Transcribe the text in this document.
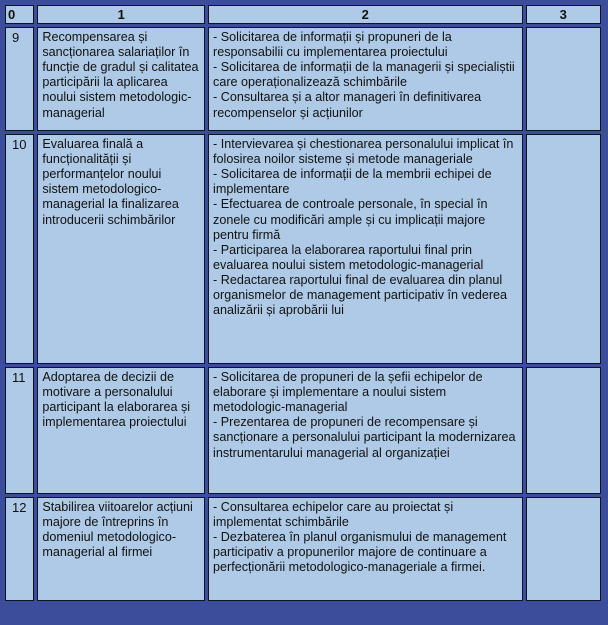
0	1	2	3
9	Recompensarea și sancționarea salariaților în funcție de gradul și calitatea participării la aplicarea noului sistem metodologic-managerial	- Solicitarea de informații și propuneri de la responsabilii cu implementarea proiectului
- Solicitarea de informații de la managerii și specialiștii care operaționalizează schimbările
- Consultarea și a altor manageri în definitivarea recompenselor și acțiunilor	

10	Evaluarea finală a funcționalității și performanțelor noului sistem metodologico-managerial la finalizarea introducerii schimbărilor	- Intervievarea și chestionarea personalului implicat în folosirea noilor sisteme și metode manageriale
- Solicitarea de informații de la membrii echipei de implementare
- Efectuarea de controale personale, în special în zonele cu modificări ample și cu implicații majore pentru firmă
- Participarea la elaborarea raportului final prin evaluarea noului sistem metodologic-managerial
- Redactarea raportului final de evaluarea din planul organismelor de management participativ în vederea analizării și aprobării lui	

11	Adoptarea de decizii de motivare a personalului participant la elaborarea și implementarea proiectului	- Solicitarea de propuneri de la șefii echipelor de elaborare și implementare a noului sistem metodologic-managerial
- Prezentarea de propuneri de recompensare și sancționare a personalului participant la modernizarea instrumentarului managerial al organizației	

12	Stabilirea viitoarelor acțiuni majore de întreprins în domeniul metodologico-managerial al firmei	- Consultarea echipelor care au proiectat și implementat schimbările
- Dezbaterea în planul organismului de management participativ a propunerilor majore de continuare a perfecționării metodologico-manageriale a firmei.	
